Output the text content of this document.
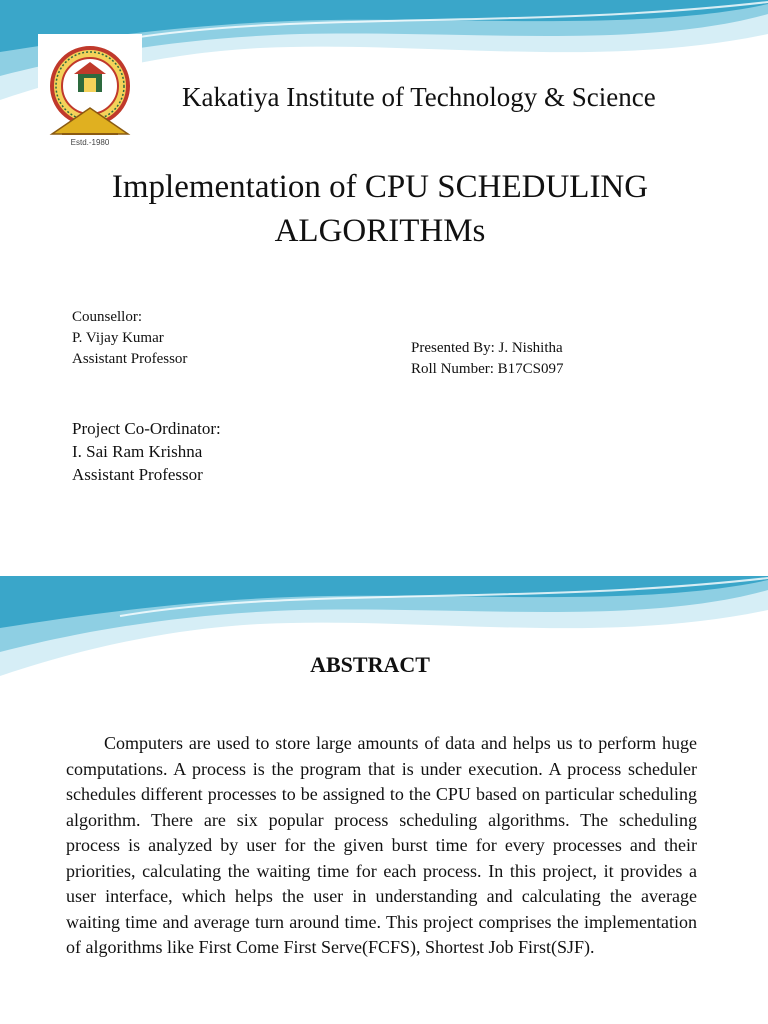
Estd.-1980
Kakatiya Institute of Technology & Science
Implementation of CPU SCHEDULING
ALGORITHMs
Counsellor:
P. Vijay Kumar
Assistant Professor
Presented By: J. Nishitha
Roll Number: B17CS097
Project Co-Ordinator:
I. Sai Ram Krishna
Assistant Professor
ABSTRACT

Computers are used to store large amounts of data and helps us to perform huge computations. A process is the program that is under execution. A process scheduler schedules different processes to be assigned to the CPU based on particular scheduling algorithm. There are six popular process scheduling algorithms. The scheduling process is analyzed by user for the given burst time for every processes and their priorities, calculating the waiting time for each process. In this project, it provides a user interface, which helps the user in understanding and calculating the average waiting time and average turn around time. This project comprises the implementation of algorithms like First Come First Serve(FCFS), Shortest Job First(SJF).
